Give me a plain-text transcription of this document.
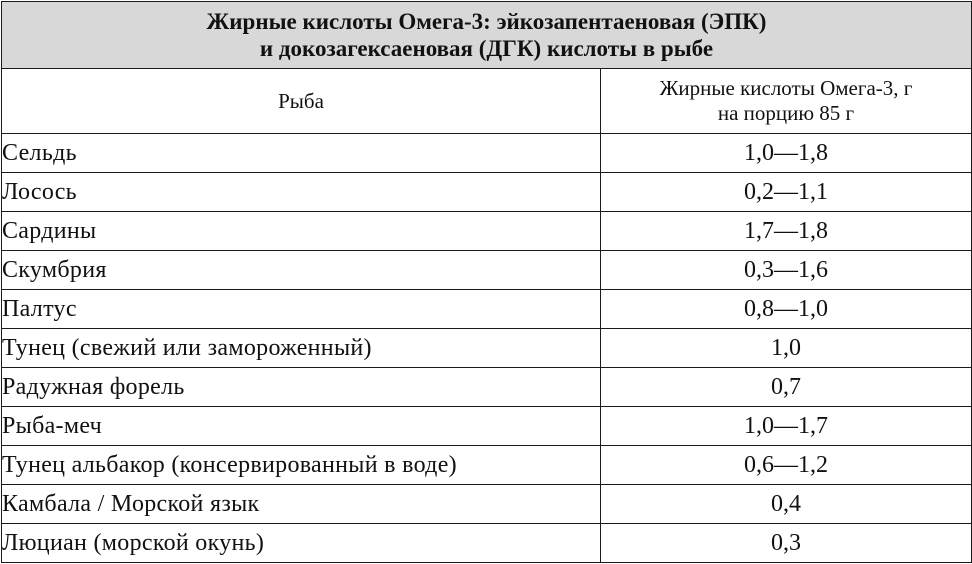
Жирные кислоты Омега-3: эйкозапентаеновая (ЭПК)
и докозагексаеновая (ДГК) кислоты в рыбе	

Рыба	Жирные кислоты Омега-3, г
на порцию 85 г

Сельдь	1,0—1,8
Лосось	0,2—1,1
Сардины	1,7—1,8
Скумбрия	0,3—1,6
Палтус	0,8—1,0
Тунец (свежий или замороженный)	1,0
Радужная форель	0,7
Рыба-меч	1,0—1,7
Тунец альбакор (консервированный в воде)	0,6—1,2
Камбала / Морской язык	0,4
Люциан (морской окунь)	0,3
